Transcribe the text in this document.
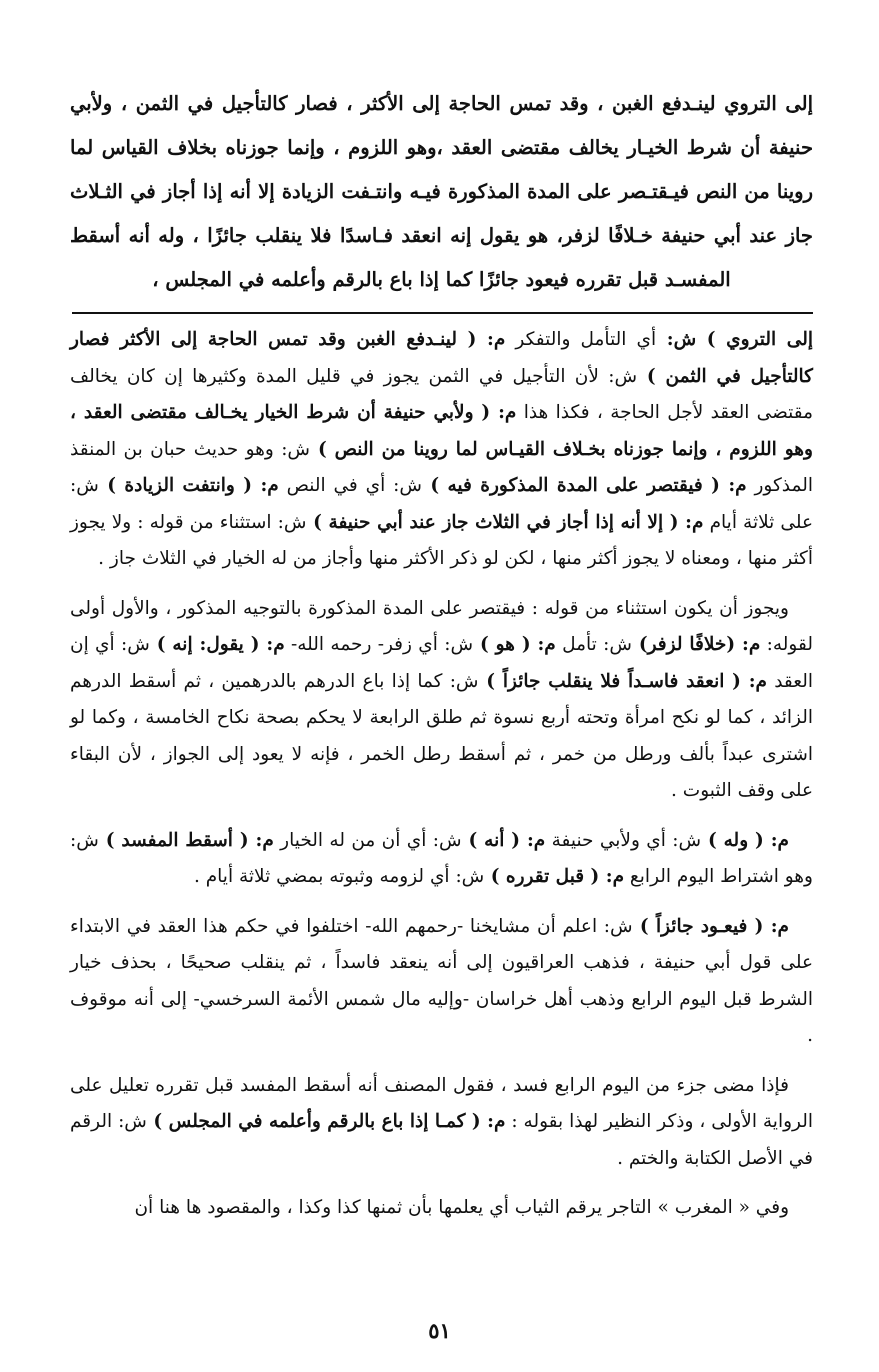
إلى التروي لينـدفع الغبن ، وقد تمس الحاجة إلى الأكثر ، فصار كالتأجيل في الثمن ، ولأبي حنيفة أن شرط الخيـار يخالف مقتضى العقد ،وهو اللزوم ، وإنما جوزناه بخلاف القياس لما روينا من النص فيـقتـصر على المدة المذكورة فيـه وانتـفت الزيادة إلا أنه إذا أجاز في الثـلاث جاز عند أبي حنيفة خـلافًا لزفر، هو يقول إنه انعقد فـاسدًا فلا ينقلب جائزًا ، وله أنه أسقط المفسـد قبل تقرره فيعود جائزًا كما إذا باع بالرقم وأعلمه في المجلس ،

إلى التروي ) ش: أي التأمل والتفكر م: ( لينـدفع الغبن وقد تمس الحاجة إلى الأكثر فصار كالتأجيل في الثمن ) ش: لأن التأجيل في الثمن يجوز في قليل المدة وكثيرها إن كان يخالف مقتضى العقد لأجل الحاجة ، فكذا هذا م: ( ولأبي حنيفة أن شرط الخيار يخـالف مقتضى العقد ، وهو اللزوم ، وإنما جوزناه بخـلاف القيـاس لما روينا من النص ) ش: وهو حديث حبان بن المنقذ المذكور م: ( فيقتصر على المدة المذكورة فيه ) ش: أي في النص م: ( وانتفت الزيادة ) ش: على ثلاثة أيام م: ( إلا أنه إذا أجاز في الثلاث جاز عند أبي حنيفة ) ش: استثناء من قوله : ولا يجوز أكثر منها ، ومعناه لا يجوز أكثر منها ، لكن لو ذكر الأكثر منها وأجاز من له الخيار في الثلاث جاز .

ويجوز أن يكون استثناء من قوله : فيقتصر على المدة المذكورة بالتوجيه المذكور ، والأول أولى لقوله: م: (خلافًا لزفر) ش: تأمل م: ( هو ) ش: أي زفر- رحمه الله- م: ( يقول: إنه ) ش: أي إن العقد م: ( انعقد فاسـداً فلا ينقلب جائزاً ) ش: كما إذا باع الدرهم بالدرهمين ، ثم أسقط الدرهم الزائد ، كما لو نكح امرأة وتحته أربع نسوة ثم طلق الرابعة لا يحكم بصحة نكاح الخامسة ، وكما لو اشترى عبداً بألف ورطل من خمر ، ثم أسقط رطل الخمر ، فإنه لا يعود إلى الجواز ، لأن البقاء على وقف الثبوت .

م: ( وله ) ش: أي ولأبي حنيفة م: ( أنه ) ش: أي أن من له الخيار م: ( أسقط المفسد ) ش: وهو اشتراط اليوم الرابع م: ( قبل تقرره ) ش: أي لزومه وثبوته بمضي ثلاثة أيام .

م: ( فيعـود جائزاً ) ش: اعلم أن مشايخنا -رحمهم الله- اختلفوا في حكم هذا العقد في الابتداء على قول أبي حنيفة ، فذهب العراقيون إلى أنه ينعقد فاسداً ، ثم ينقلب صحيحًا ، بحذف خيار الشرط قبل اليوم الرابع وذهب أهل خراسان -وإليه مال شمس الأئمة السرخسي- إلى أنه موقوف .

فإذا مضى جزء من اليوم الرابع فسد ، فقول المصنف أنه أسقط المفسد قبل تقرره تعليل على الرواية الأولى ، وذكر النظير لهذا بقوله : م: ( كمـا إذا باع بالرقم وأعلمه في المجلس ) ش: الرقم في الأصل الكتابة والختم .

وفي « المغرب » التاجر يرقم الثياب أي يعلمها بأن ثمنها كذا وكذا ، والمقصود ها هنا أن

٥١
